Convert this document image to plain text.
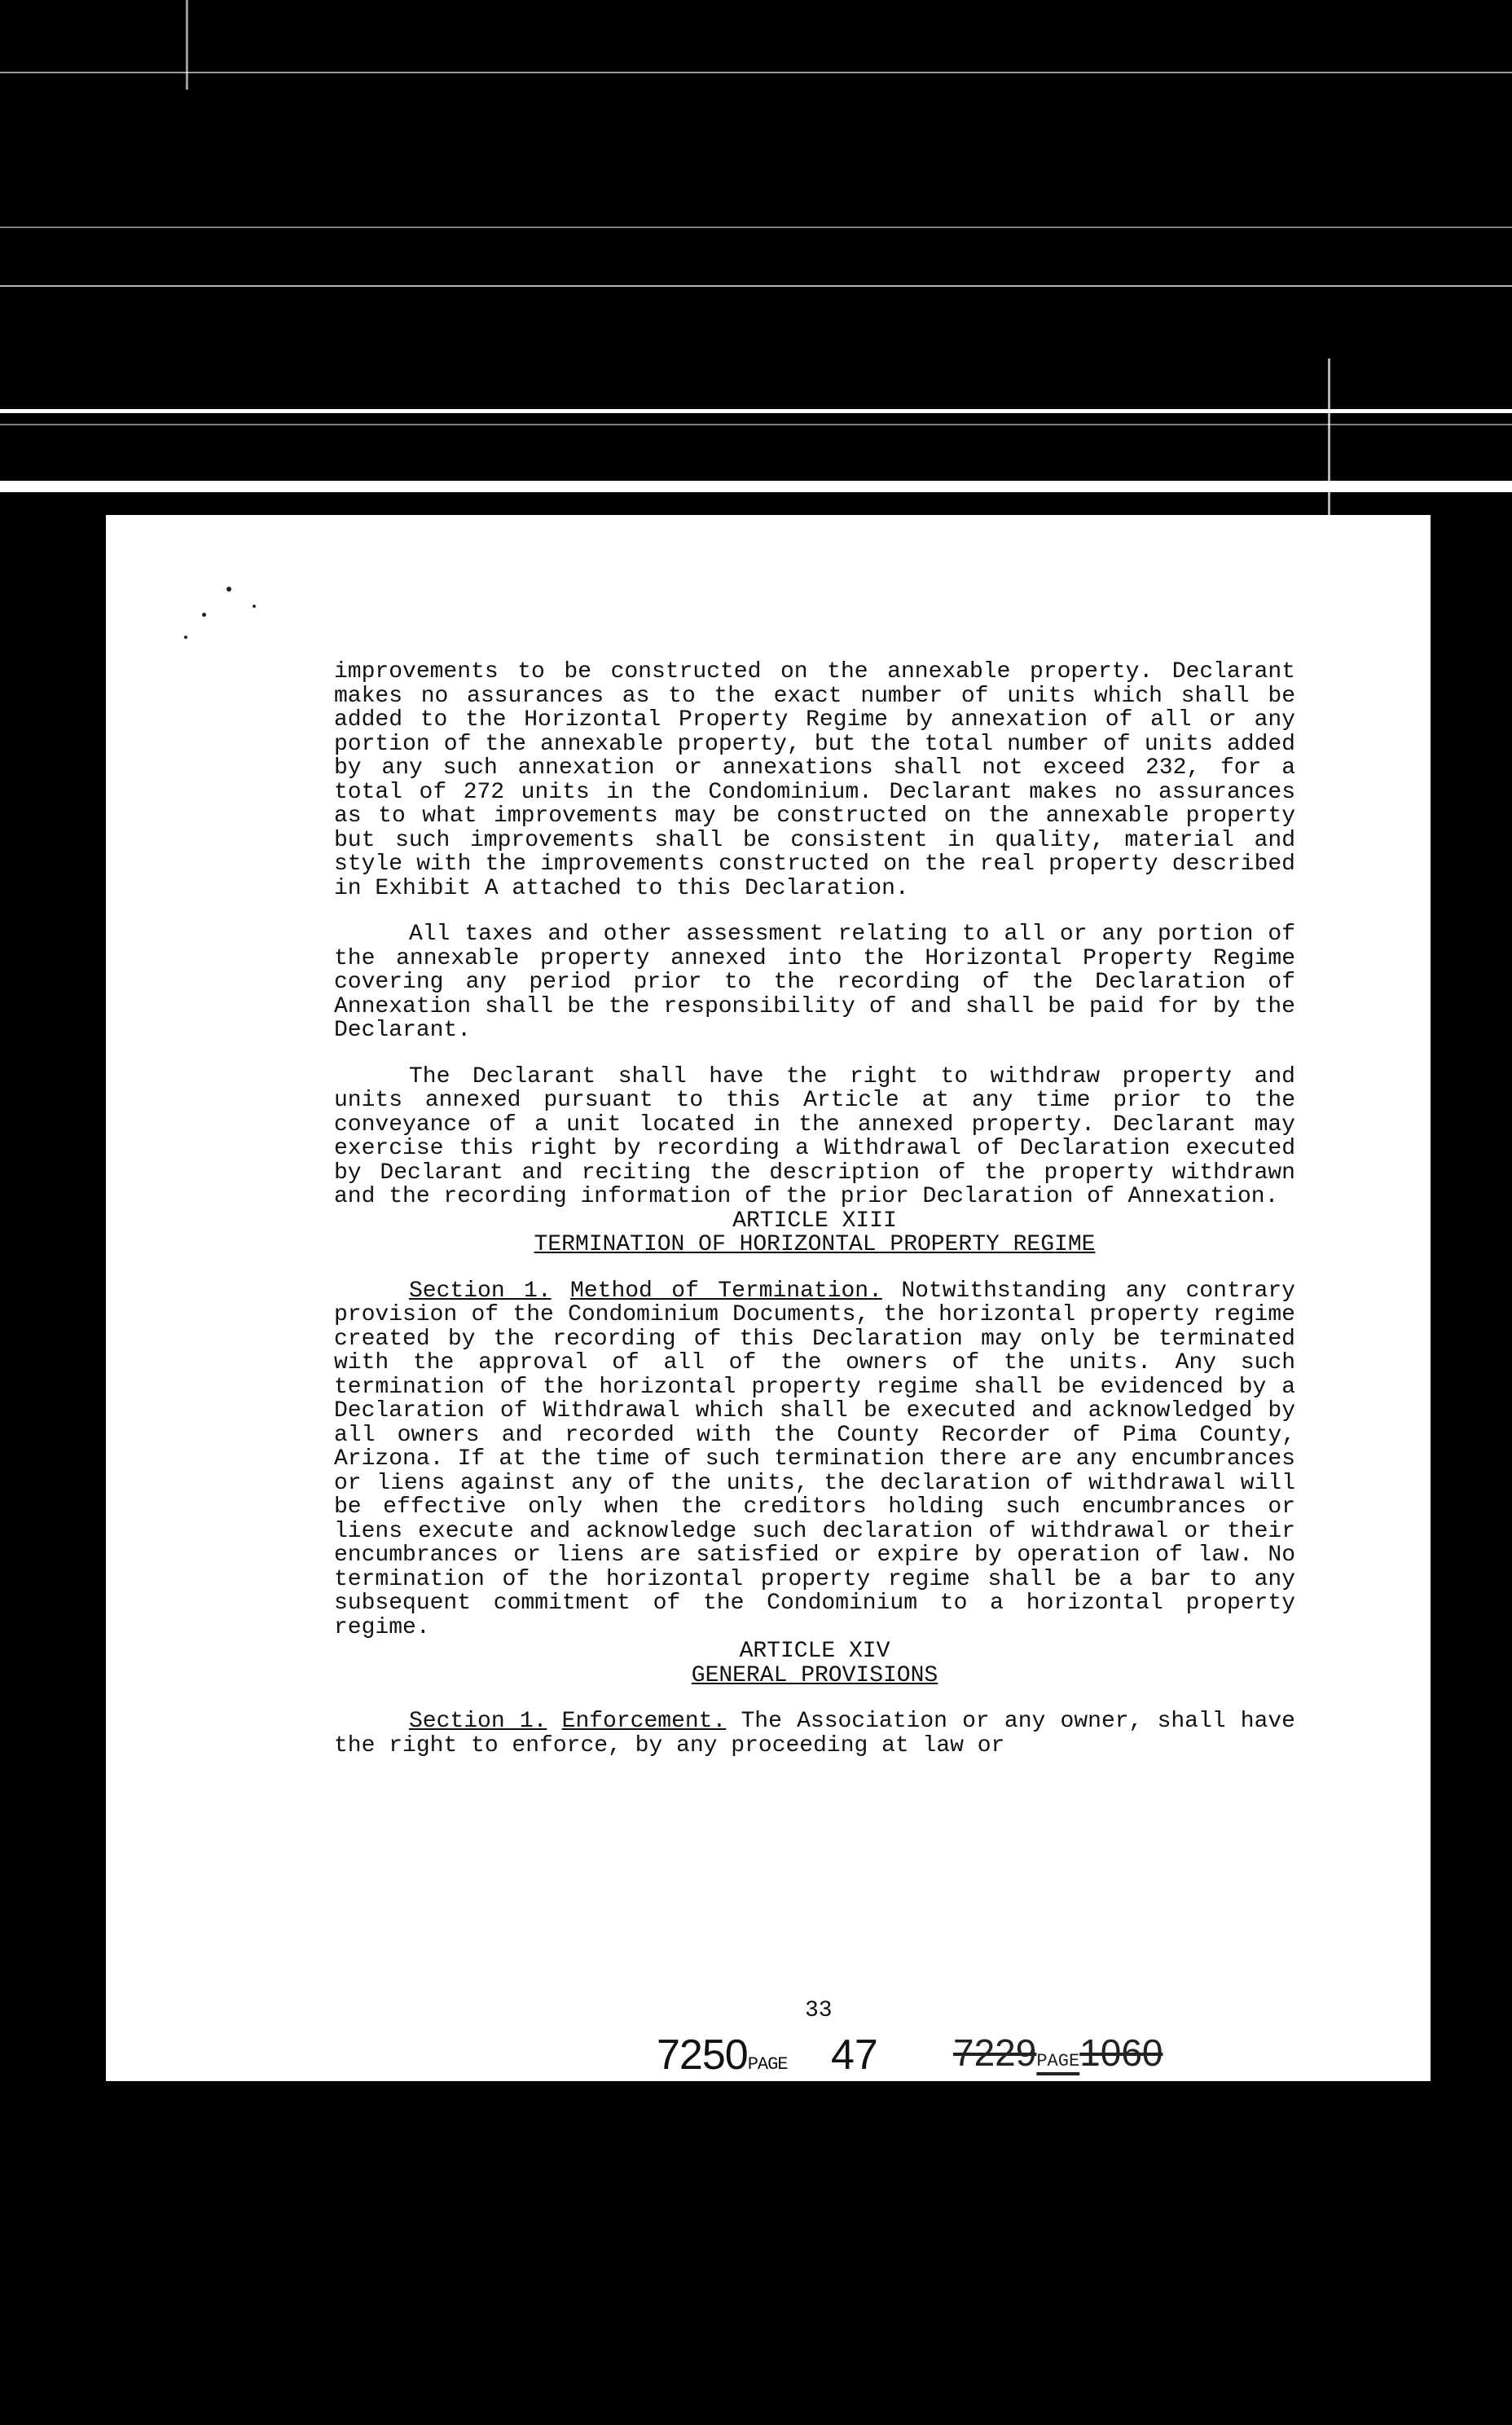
improvements to be constructed on the annexable property. Declarant makes no assurances as to the exact number of units which shall be added to the Horizontal Property Regime by annexation of all or any portion of the annexable property, but the total number of units added by any such annexation or annexations shall not exceed 232, for a total of 272 units in the Condominium. Declarant makes no assurances as to what improvements may be constructed on the annexable property but such improvements shall be consistent in quality, material and style with the improvements constructed on the real property described in Exhibit A attached to this Declaration.

All taxes and other assessment relating to all or any portion of the annexable property annexed into the Horizontal Property Regime covering any period prior to the recording of the Declaration of Annexation shall be the responsibility of and shall be paid for by the Declarant.

The Declarant shall have the right to withdraw property and units annexed pursuant to this Article at any time prior to the conveyance of a unit located in the annexed property. Declarant may exercise this right by recording a Withdrawal of Declaration executed by Declarant and reciting the description of the property withdrawn and the recording information of the prior Declaration of Annexation.

ARTICLE XIII

TERMINATION OF HORIZONTAL PROPERTY REGIME

Section 1. Method of Termination. Notwithstanding any contrary provision of the Condominium Documents, the horizontal property regime created by the recording of this Declaration may only be terminated with the approval of all of the owners of the units. Any such termination of the horizontal property regime shall be evidenced by a Declaration of Withdrawal which shall be executed and acknowledged by all owners and recorded with the County Recorder of Pima County, Arizona. If at the time of such termination there are any encumbrances or liens against any of the units, the declaration of withdrawal will be effective only when the creditors holding such encumbrances or liens execute and acknowledge such declaration of withdrawal or their encumbrances or liens are satisfied or expire by operation of law. No termination of the horizontal property regime shall be a bar to any subsequent commitment of the Condominium to a horizontal property regime.

ARTICLE XIV

GENERAL PROVISIONS

Section 1. Enforcement. The Association or any owner, shall have the right to enforce, by any proceeding at law or

33
7250PAGE 47 7229PAGE1060
